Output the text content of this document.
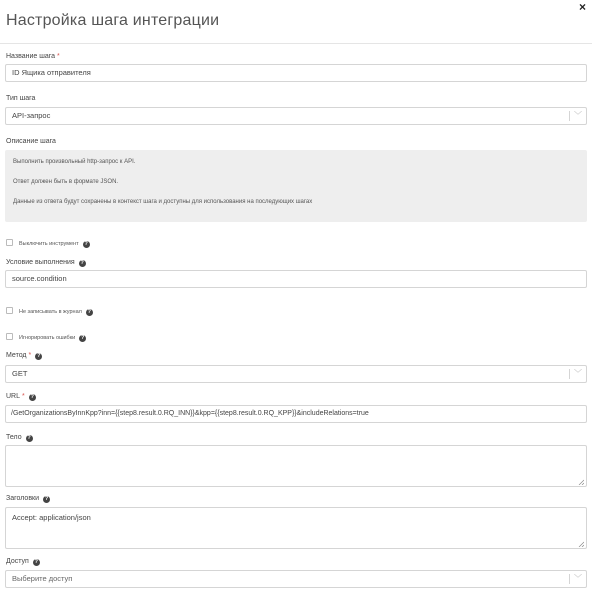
Настройка шага интеграции
×
Название шага *
ID Ящика отправителя
Тип шага
API-запрос	﹀
Описание шага

Выполнить произвольный http-запрос к API.

Ответ должен быть в формате JSON.

Данные из ответа будут сохранены в контекст шага и доступны для использования на последующих шагах

Выключить инструмент ?
Условие выполнения ?
source.condition
Не записывать в журнал ?
Игнорировать ошибки ?
Метод * ?
GET	﹀
URL * ?
/GetOrganizationsByInnKpp?inn={{step8.result.0.RQ_INN}}&kpp={{step8.result.0.RQ_KPP}}&includeRelations=true
Тело ?
Заголовки ?
Accept: application/json
Доступ ?
Выберите доступ	﹀
